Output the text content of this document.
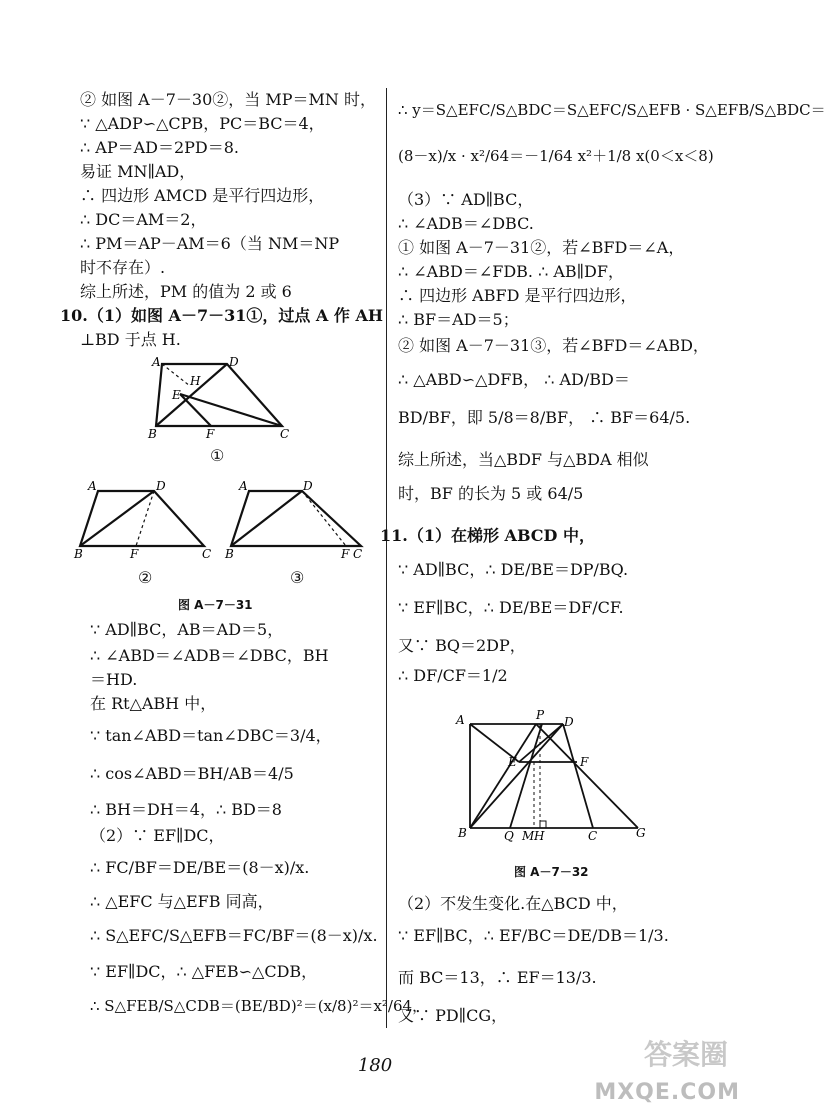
② 如图 A－7－30②，当 MP＝MN 时，
∵ △ADP∽△CPB，PC＝BC＝4，
∴ AP＝AD＝2PD＝8.
易证 MN∥AD，
∴ 四边形 AMCD 是平行四边形，
∴ DC＝AM＝2，
∴ PM＝AP－AM＝6（当 NM＝NP
时不存在）.
综上所述，PM 的值为 2 或 6
10.（1）如图 A－7－31①，过点 A 作 AH
⊥BD 于点 H.
A	D
H
E
B	F	C
①
A	D
B	F	C
②
A	D
B	F C
③
图 A－7－31
∵ AD∥BC，AB＝AD＝5，
∴ ∠ABD＝∠ADB＝∠DBC，BH
＝HD.
在 Rt△ABH 中，
∵ tan∠ABD＝tan∠DBC＝3/4，
∴ cos∠ABD＝BH/AB＝4/5
∴ BH＝DH＝4，∴ BD＝8
（2）∵ EF∥DC，
∴ FC/BF＝DE/BE＝(8－x)/x.
∴ △EFC 与△EFB 同高，
∴ S△EFC/S△EFB＝FC/BF＝(8－x)/x.
∵ EF∥DC，∴ △FEB∽△CDB，
∴ S△FEB/S△CDB＝(BE/BD)²＝(x/8)²＝x²/64，
∴ y＝S△EFC/S△BDC＝S△EFC/S△EFB · S△EFB/S△BDC＝
(8－x)/x · x²/64＝－1/64 x²＋1/8 x(0＜x＜8)
（3）∵ AD∥BC，
∴ ∠ADB＝∠DBC.
① 如图 A－7－31②，若∠BFD＝∠A，
∴ ∠ABD＝∠FDB. ∴ AB∥DF，
∴ 四边形 ABFD 是平行四边形，
∴ BF＝AD＝5；
② 如图 A－7－31③，若∠BFD＝∠ABD，
∴ △ABD∽△DFB， ∴ AD/BD＝
BD/BF，即 5/8＝8/BF， ∴ BF＝64/5.
综上所述，当△BDF 与△BDA 相似
时，BF 的长为 5 或 64/5
11.（1）在梯形 ABCD 中，
∵ AD∥BC，∴ DE/BE＝DP/BQ.
∵ EF∥BC，∴ DE/BE＝DF/CF.
又∵ BQ＝2DP，
∴ DF/CF＝1/2
A	P D
E	F
B	Q M H	C	G
图 A－7－32
（2）不发生变化.在△BCD 中，
∵ EF∥BC，∴ EF/BC＝DE/DB＝1/3.
而 BC＝13，∴ EF＝13/3.
又∵ PD∥CG，
180	答案圈
MXQE.COM
